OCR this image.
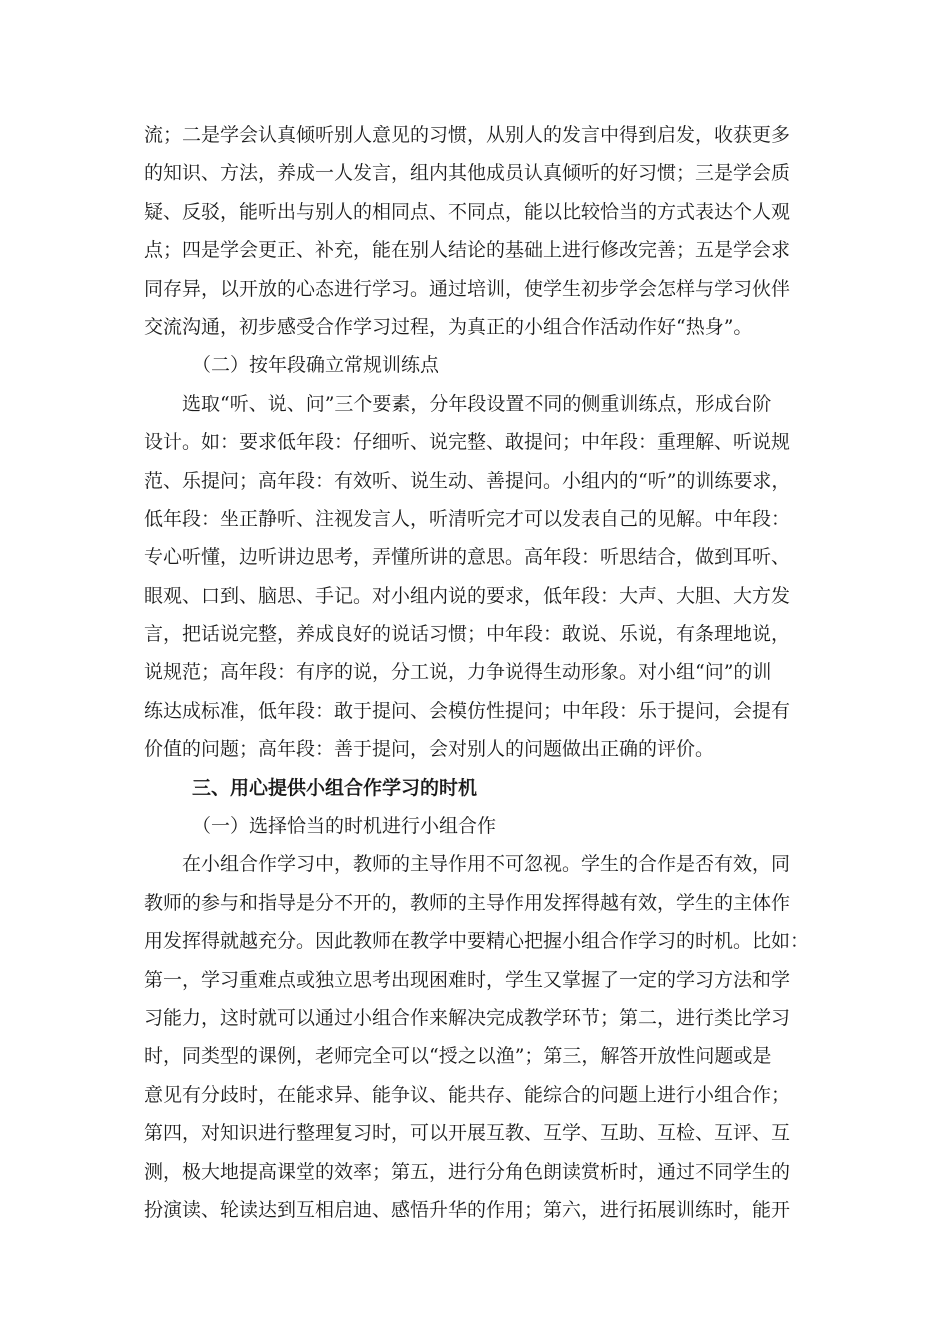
流；二是学会认真倾听别人意见的习惯，从别人的发言中得到启发，收获更多
的知识、方法，养成一人发言，组内其他成员认真倾听的好习惯；三是学会质
疑、反驳，能听出与别人的相同点、不同点，能以比较恰当的方式表达个人观
点；四是学会更正、补充，能在别人结论的基础上进行修改完善；五是学会求
同存异，以开放的心态进行学习。通过培训，使学生初步学会怎样与学习伙伴
交流沟通，初步感受合作学习过程，为真正的小组合作活动作好“热身”。
（二）按年段确立常规训练点
选取“听、说、问”三个要素，分年段设置不同的侧重训练点，形成台阶
设计。如：要求低年段：仔细听、说完整、敢提问；中年段：重理解、听说规
范、乐提问；高年段：有效听、说生动、善提问。小组内的“听”的训练要求，
低年段：坐正静听、注视发言人，听清听完才可以发表自己的见解。中年段：
专心听懂，边听讲边思考，弄懂所讲的意思。高年段：听思结合，做到耳听、
眼观、口到、脑思、手记。对小组内说的要求，低年段：大声、大胆、大方发
言，把话说完整，养成良好的说话习惯；中年段：敢说、乐说，有条理地说，
说规范；高年段：有序的说，分工说，力争说得生动形象。对小组“问”的训
练达成标准，低年段：敢于提问、会模仿性提问；中年段：乐于提问，会提有
价值的问题；高年段：善于提问，会对别人的问题做出正确的评价。
三、用心提供小组合作学习的时机
（一）选择恰当的时机进行小组合作
在小组合作学习中，教师的主导作用不可忽视。学生的合作是否有效，同
教师的参与和指导是分不开的，教师的主导作用发挥得越有效，学生的主体作
用发挥得就越充分。因此教师在教学中要精心把握小组合作学习的时机。比如：
第一，学习重难点或独立思考出现困难时，学生又掌握了一定的学习方法和学
习能力，这时就可以通过小组合作来解决完成教学环节；第二，进行类比学习
时，同类型的课例，老师完全可以“授之以渔”；第三，解答开放性问题或是
意见有分歧时，在能求异、能争议、能共存、能综合的问题上进行小组合作；
第四，对知识进行整理复习时，可以开展互教、互学、互助、互检、互评、互
测，极大地提高课堂的效率；第五，进行分角色朗读赏析时，通过不同学生的
扮演读、轮读达到互相启迪、感悟升华的作用；第六，进行拓展训练时，能开
